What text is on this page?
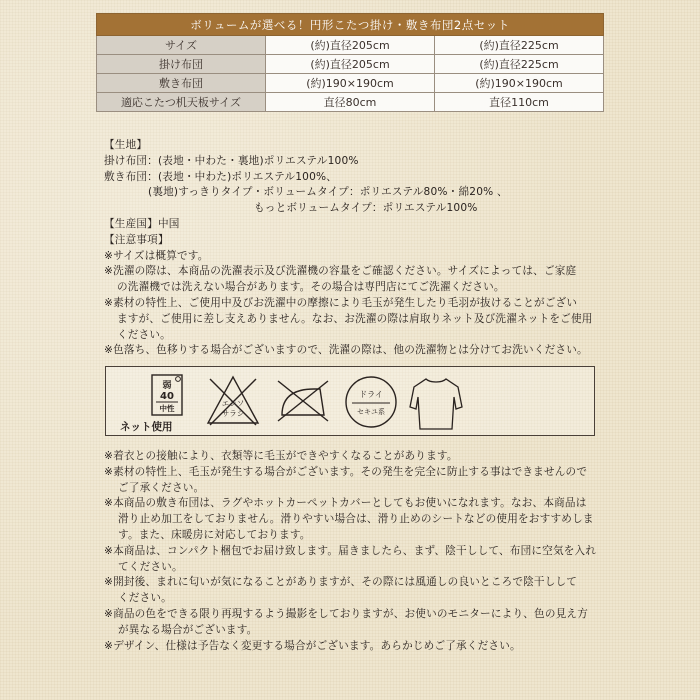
ボリュームが選べる！円形こたつ掛け・敷き布団2点セット		
サイズ	(約)直径205cm	(約)直径225cm
掛け布団	(約)直径205cm	(約)直径225cm
敷き布団	(約)190×190cm	(約)190×190cm
適応こたつ机天板サイズ	直径80cm	直径110cm
【生地】
掛け布団：(表地・中わた・裏地)ポリエステル100%
敷き布団：(表地・中わた)ポリエステル100%、
(裏地)すっきりタイプ・ボリュームタイプ：ポリエステル80%・綿20% 、
もっとボリュームタイプ：ポリエステル100%
【生産国】中国
【注意事項】
※サイズは概算です。
※洗濯の際は、本商品の洗濯表示及び洗濯機の容量をご確認ください。サイズによっては、ご家庭
の洗濯機では洗えない場合があります。その場合は専門店にてご洗濯ください。
※素材の特性上、ご使用中及びお洗濯中の摩擦により毛玉が発生したり毛羽が抜けることがござい
ますが、ご使用に差し支えありません。なお、お洗濯の際は肩取りネット及び洗濯ネットをご使用
ください。
※色落ち、色移りする場合がございますので、洗濯の際は、他の洗濯物とは分けてお洗いください。
弱
40
中性
ネット使用
エンソ
サラシ
ドライ
セキユ系
※着衣との接触により、衣類等に毛玉ができやすくなることがあります。
※素材の特性上、毛玉が発生する場合がございます。その発生を完全に防止する事はできませんので
ご了承ください。
※本商品の敷き布団は、ラグやホットカーペットカバーとしてもお使いになれます。なお、本商品は
滑り止め加工をしておりません。滑りやすい場合は、滑り止めのシートなどの使用をおすすめしま
す。また、床暖房に対応しております。
※本商品は、コンパクト梱包でお届け致します。届きましたら、まず、陰干しして、布団に空気を入れ
てください。
※開封後、まれに匂いが気になることがありますが、その際には風通しの良いところで陰干しして
ください。
※商品の色をできる限り再現するよう撮影をしておりますが、お使いのモニターにより、色の見え方
が異なる場合がございます。
※デザイン、仕様は予告なく変更する場合がございます。あらかじめご了承ください。
